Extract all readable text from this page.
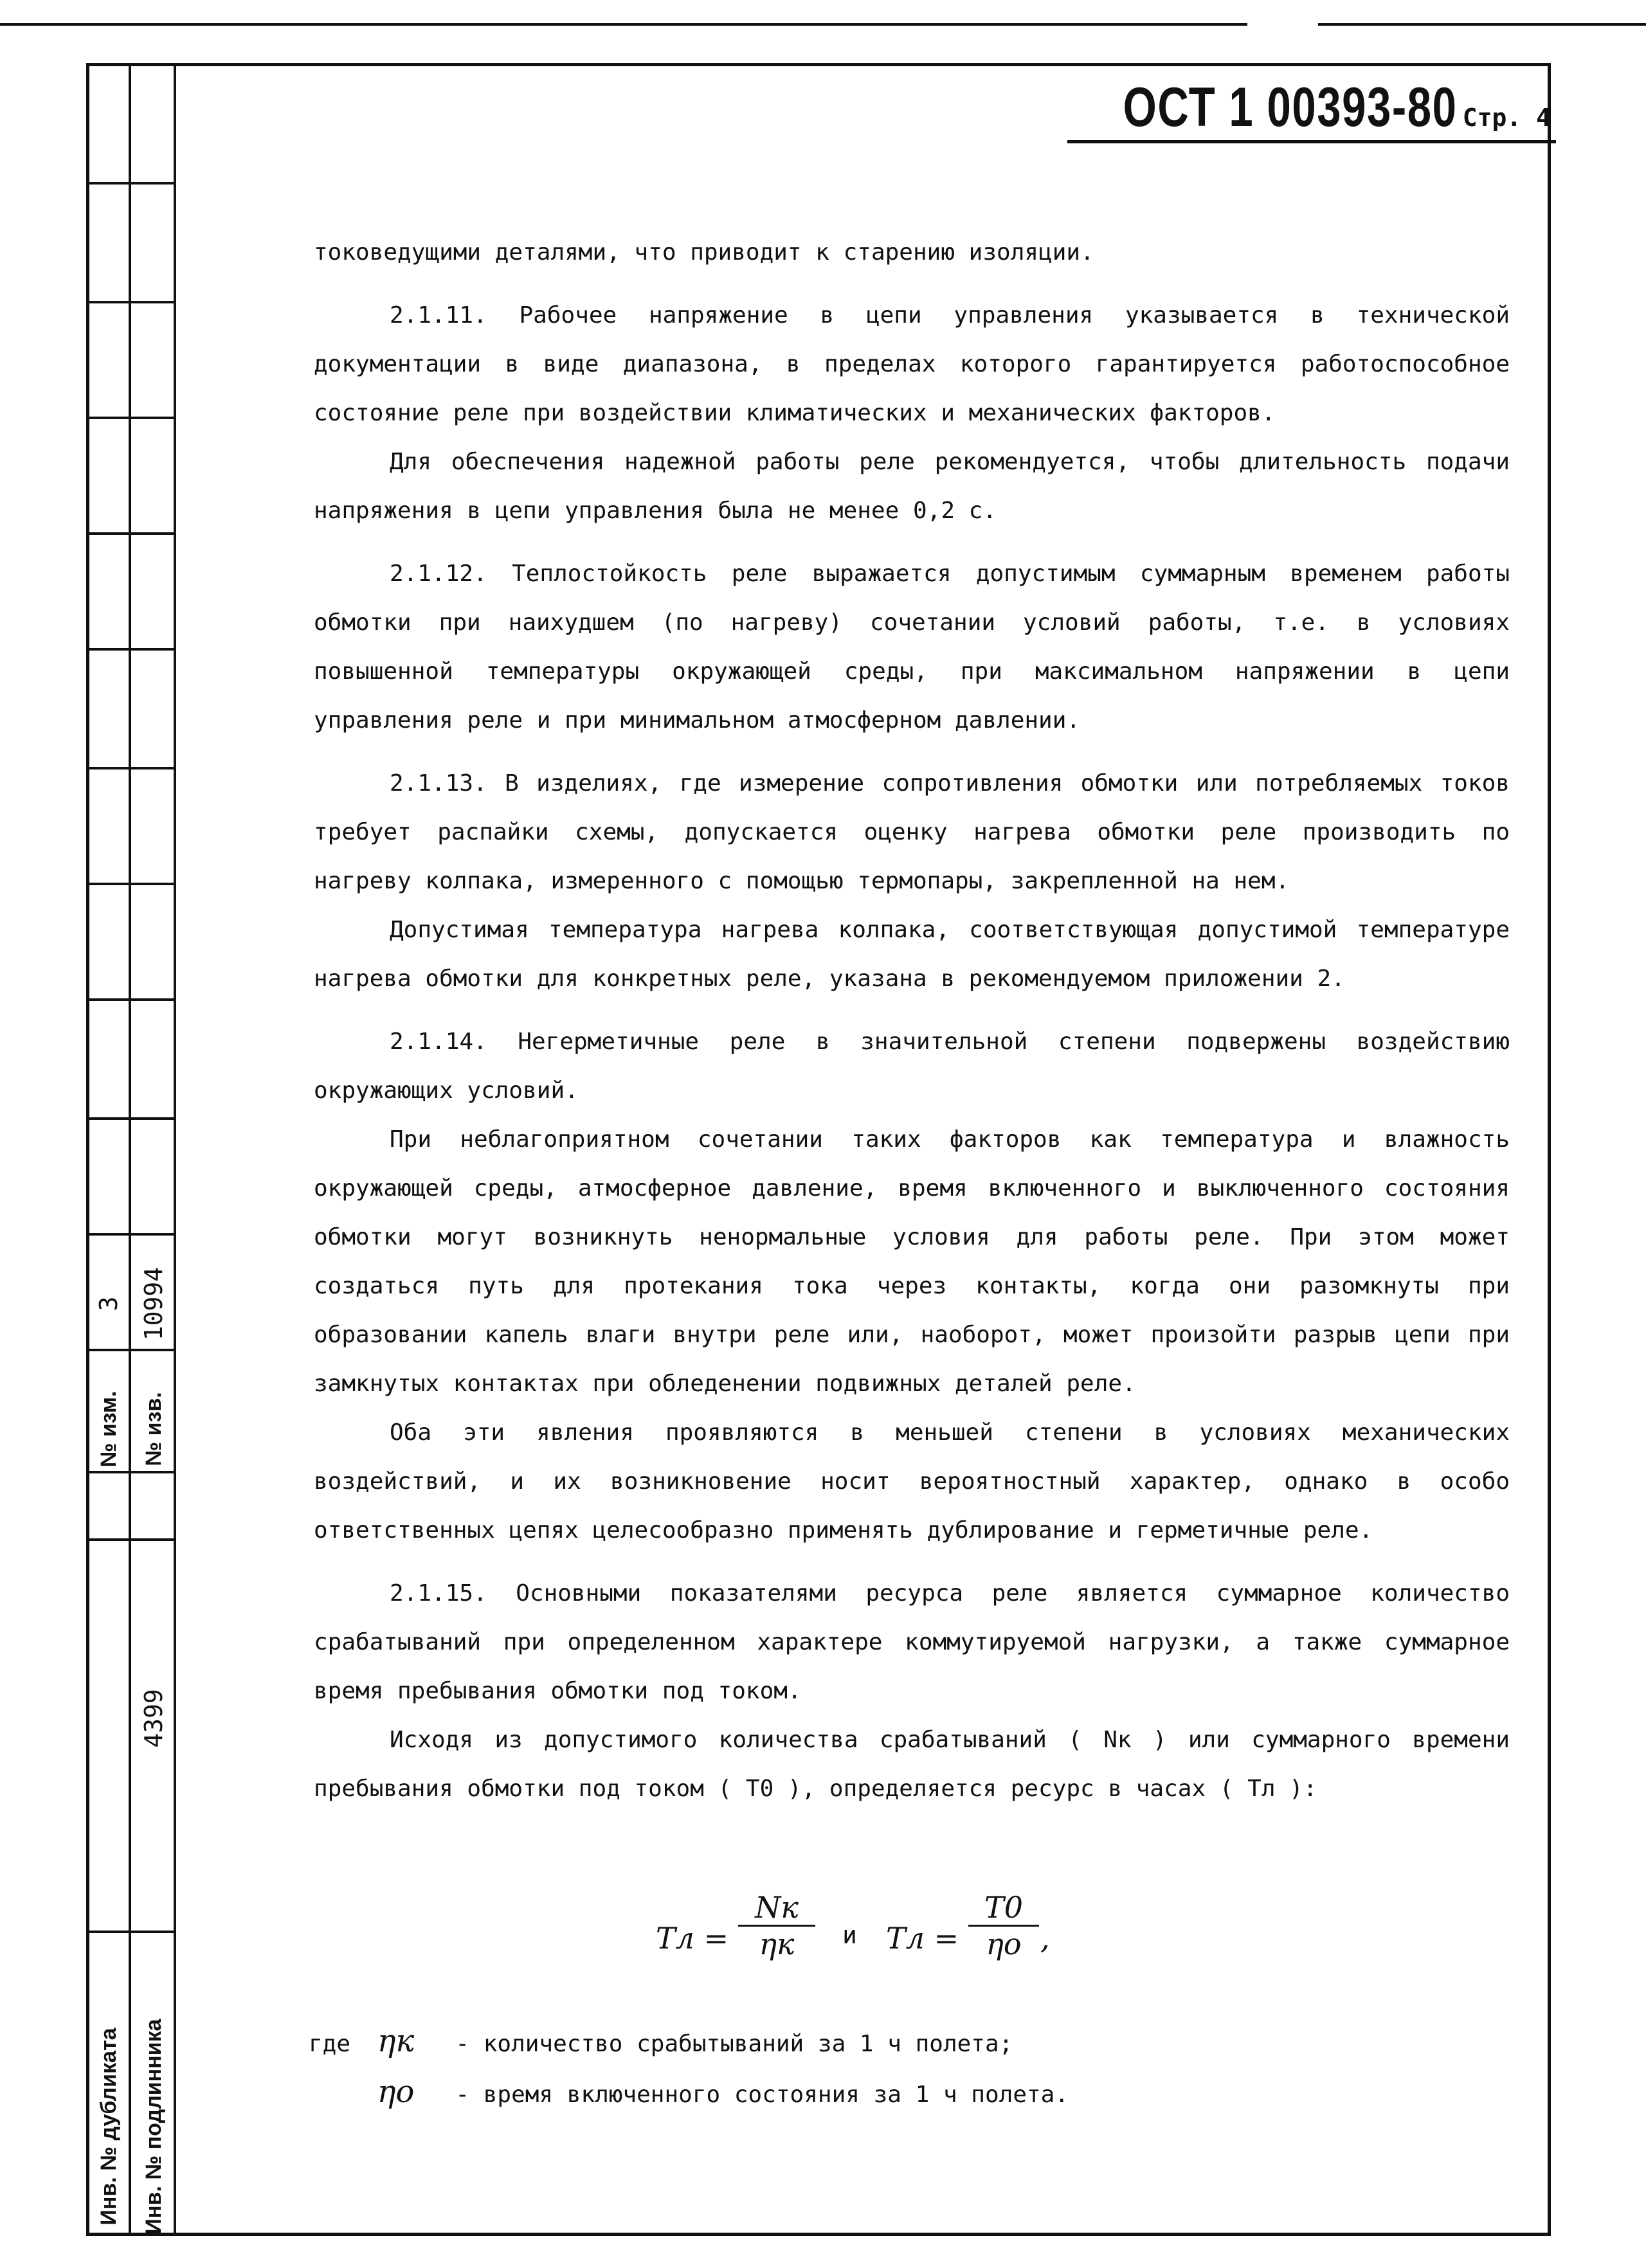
№ изм. № изв.
3 10994
4399
Инв. № дубликата Инв. № подлинника
ОСТ 1 00393-80 Стр. 4

токоведущими деталями, что приводит к старению изоляции.

2.1.11. Рабочее напряжение в цепи управления указывается в технической документации в виде диапазона, в пределах которого гарантируется работоспособное состояние реле при воздействии климатических и механических факторов.

Для обеспечения надежной работы реле рекомендуется, чтобы длительность подачи напряжения в цепи управления была не менее 0,2 с.

2.1.12. Теплостойкость реле выражается допустимым суммарным временем работы обмотки при наихудшем (по нагреву) сочетании условий работы, т.е. в условиях повышенной температуры окружающей среды, при максимальном напряжении в цепи управления реле и при минимальном атмосферном давлении.

2.1.13. В изделиях, где измерение сопротивления обмотки или потребляемых токов требует распайки схемы, допускается оценку нагрева обмотки реле производить по нагреву колпака, измеренного с помощью термопары, закрепленной на нем.

Допустимая температура нагрева колпака, соответствующая допустимой температуре нагрева обмотки для конкретных реле, указана в рекомендуемом приложении 2.

2.1.14. Негерметичные реле в значительной степени подвержены воздействию окружающих условий.

При неблагоприятном сочетании таких факторов как температура и влажность окружающей среды, атмосферное давление, время включенного и выключенного состояния обмотки могут возникнуть ненормальные условия для работы реле. При этом может создаться путь для протекания тока через контакты, когда они разомкнуты при образовании капель влаги внутри реле или, наоборот, может произойти разрыв цепи при замкнутых контактах при обледенении подвижных деталей реле.

Оба эти явления проявляются в меньшей степени в условиях механических воздействий, и их возникновение носит вероятностный характер, однако в особо ответственных цепях целесообразно применять дублирование и герметичные реле.

2.1.15. Основными показателями ресурса реле является суммарное количество срабатываний при определенном характере коммутируемой нагрузки, а также суммарное время пребывания обмотки под током.

Исходя из допустимого количества срабатываний ( Nк ) или суммарного времени пребывания обмотки под током ( T0 ), определяется ресурс в часах ( Tл ):

Tл =
Nк
ηк	и Tл =
T0
ηо ,
где ηк - количество срабытываний за 1 ч полета;
ηо - время включенного состояния за 1 ч полета.
